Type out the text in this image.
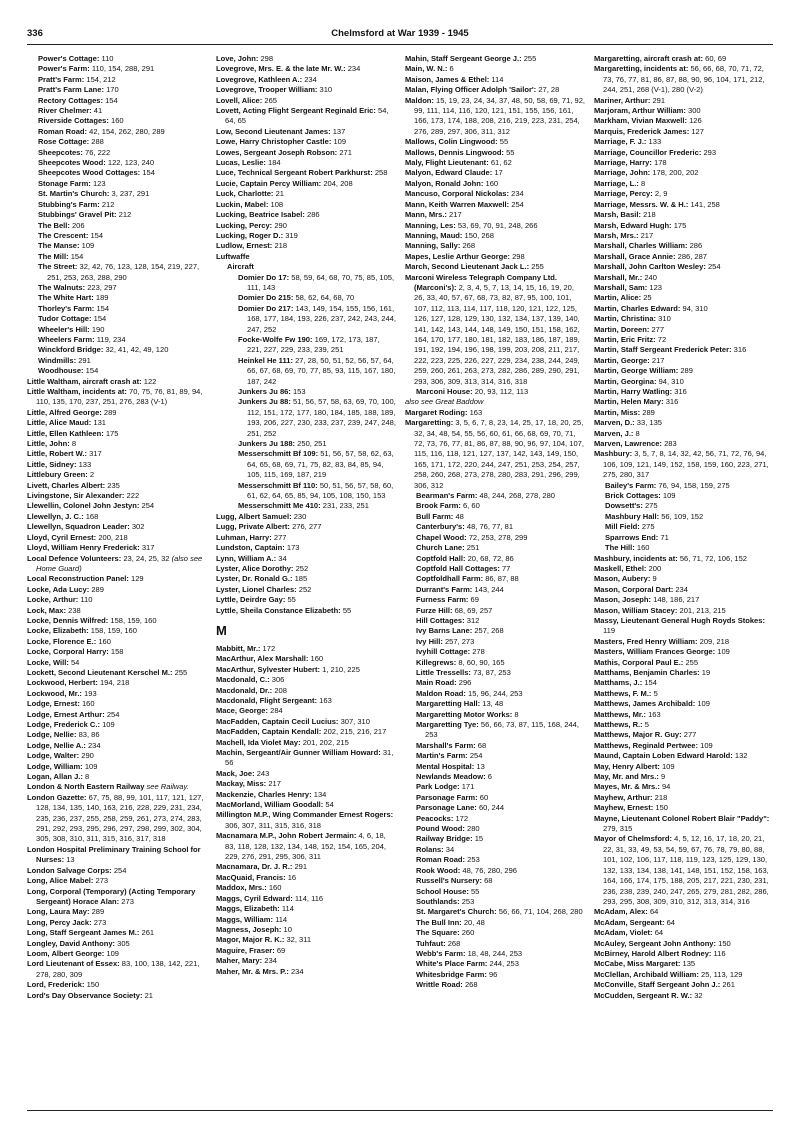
336	Chelmsford at War 1939 - 1945
Power's Cottage: 110
Power's Farm: 110, 154, 288, 291
Pratt's Farm: 154, 212
Pratt's Farm Lane: 170
Rectory Cottages: 154
River Chelmer: 41
Riverside Cottages: 160
Roman Road: 42, 154, 262, 280, 289
Rose Cottage: 288
Sheepcotes: 76, 222
Sheepcotes Wood: 122, 123, 240
Sheepcotes Wood Cottages: 154
Stonage Farm: 123
St. Martin's Church: 3, 237, 291
Stubbing's Farm: 212
Stubbings' Gravel Pit: 212
The Bell: 206
The Crescent: 154
The Manse: 109
The Mill: 154
The Street: 32, 42, 76, 123, 128, 154, 219, 227, 251, 253, 263, 288, 290
The Walnuts: 223, 297
The White Hart: 189
Thorley's Farm: 154
Tudor Cottage: 154
Wheeler's Hill: 190
Wheelers Farm: 119, 234
Winckford Bridge: 32, 41, 42, 49, 120
Windmills: 291
Woodhouse: 154
Little Waltham, aircraft crash at: 122
Little Waltham, incidents at: 70, 75, 76, 81, 89, 94, 110, 135, 170, 237, 251, 276, 283 (V-1)
Little, Alfred George: 289
Little, Alice Maud: 131
Little, Ellen Kathleen: 175
Little, John: 8
Little, Robert W.: 317
Little, Sidney: 133
Littlebury Green: 2
Livett, Charles Albert: 235
Livingstone, Sir Alexander: 222
Llewellin, Colonel John Jestyn: 254
Llewellyn, J. C.: 168
Llewellyn, Squadron Leader: 302
Lloyd, Cyril Ernest: 200, 218
Lloyd, William Henry Frederick: 317
Local Defence Volunteers: 23, 24, 25, 32 (also see Home Guard)
Local Reconstruction Panel: 129
Locke, Ada Lucy: 289
Locke, Arthur: 110
Lock, Max: 238
Locke, Dennis Wilfred: 158, 159, 160
Locke, Elizabeth: 158, 159, 160
Locke, Florence E.: 160
Locke, Corporal Harry: 158
Locke, Will: 54
Lockett, Second Lieutenant Kerschel M.: 255
Lockwood, Herbert: 194, 218
Lockwood, Mr.: 193
Lodge, Ernest: 160
Lodge, Ernest Arthur: 254
Lodge, Frederick C.: 109
Lodge, Nellie: 83, 86
Lodge, Nellie A.: 234
Lodge, Walter: 290
Lodge, William: 109
Logan, Allan J.: 8
London & North Eastern Railway see Railway.
London Gazette: 67, 75, 88, 99, 101, 117, 121, 127, 128, 134, 135, 140, 163, 216, 228, 229, 231, 234, 235, 236, 237, 255, 258, 259, 261, 273, 274, 283, 291, 292, 293, 295, 296, 297, 298, 299, 302, 304, 305, 308, 310, 311, 315, 316, 317, 318
London Hospital Preliminary Training School for Nurses: 13
London Salvage Corps: 254
Long, Alice Mabel: 273
Long, Corporal (Temporary) (Acting Temporary Sergeant) Horace Alan: 273
Long, Laura May: 289
Long, Percy Jack: 273
Long, Staff Sergeant James M.: 261
Longley, David Anthony: 305
Loom, Albert George: 109
Lord Lieutenant of Essex: 83, 100, 138, 142, 221, 278, 280, 309
Lord, Frederick: 150
Lord's Day Observance Society: 21
Love, John: 298
Lovegrove, Mrs. E. & the late Mr. W.: 234
Lovegrove, Kathleen A.: 234
Lovegrove, Trooper William: 310
Lovell, Alice: 265
Lovett, Acting Flight Sergeant Reginald Eric: 54, 64, 65
Low, Second Lieutenant James: 137
Lowe, Harry Christopher Castle: 109
Lowes, Sergeant Joseph Robson: 271
Lucas, Leslie: 184
Luce, Technical Sergeant Robert Parkhurst: 258
Lucie, Captain Percy William: 204, 208
Luck, Charlotte: 21
Luckin, Mabel: 108
Lucking, Beatrice Isabel: 286
Lucking, Percy: 290
Lucking, Roger D.: 319
Ludlow, Ernest: 218
Luftwaffe
Aircraft
Domier Do 17: 58, 59, 64, 68, 70, 75, 85, 105, 111, 143
Domier Do 215: 58, 62, 64, 68, 70
Domier Do 217: 143, 149, 154, 155, 156, 161, 168, 177, 184, 193, 226, 237, 242, 243, 244, 247, 252
Focke-Wolfe Fw 190: 169, 172, 173, 187, 221, 227, 229, 233, 239, 251
Heinkel He 111: 27, 28, 50, 51, 52, 56, 57, 64, 66, 67, 68, 69, 70, 77, 85, 93, 115, 167, 180, 187, 242
Junkers Ju 86: 153
Junkers Ju 88: 51, 56, 57, 58, 63, 69, 70, 100, 112, 151, 172, 177, 180, 184, 185, 188, 189, 193, 206, 227, 230, 233, 237, 239, 247, 248, 251, 252
Junkers Ju 188: 250, 251
Messerschmitt Bf 109: 51, 56, 57, 58, 62, 63, 64, 65, 68, 69, 71, 75, 82, 83, 84, 85, 94, 105, 115, 169, 187, 219
Messerschmitt Bf 110: 50, 51, 56, 57, 58, 60, 61, 62, 64, 65, 85, 94, 105, 108, 150, 153
Messerschmitt Me 410: 231, 233, 251
Lugg, Albert Samuel: 230
Lugg, Private Albert: 276, 277
Luhman, Harry: 277
Lundston, Captain: 173
Lynn, William A.: 34
Lyster, Alice Dorothy: 252
Lyster, Dr. Ronald G.: 185
Lyster, Lionel Charles: 252
Lyttle, Deirdre Gay: 55
Lyttle, Sheila Constance Elizabeth: 55
M
Mabbitt, Mr.: 172
MacArthur, Alex Marshall: 160
MacArthur, Sylvester Hubert: 1, 210, 225
Macdonald, C.: 306
Macdonald, Dr.: 208
Macdonald, Flight Sergeant: 163
Mace, George: 284
MacFadden, Captain Cecil Lucius: 307, 310
MacFadden, Captain Kendall: 202, 215, 216, 217
Machell, Ida Violet May: 201, 202, 215
Machin, Sergeant/Air Gunner William Howard: 31, 56
Mack, Joe: 243
Mackay, Miss: 217
Mackenzie, Charles Henry: 134
MacMorland, William Goodall: 54
Millington M.P., Wing Commander Ernest Rogers: 306, 307, 311, 315, 316, 318
Macnamara M.P., John Robert Jermain: 4, 6, 18, 83, 118, 128, 132, 134, 148, 152, 154, 165, 204, 229, 276, 291, 295, 306, 311
Macnamara, Dr. J. R.: 291
MacQuaid, Francis: 16
Maddox, Mrs.: 160
Maggs, Cyril Edward: 114, 116
Maggs, Elizabeth: 114
Maggs, William: 114
Magness, Joseph: 10
Magor, Major R. K.: 32, 311
Maguire, Fraser: 69
Maher, Mary: 234
Maher, Mr. & Mrs. P.: 234
Mahin, Staff Sergeant George J.: 255
Main, W. N.: 6
Maison, James & Ethel: 114
Malan, Flying Officer Adolph 'Sailor': 27, 28
Maldon: 15, 19, 23, 24, 34, 37, 48, 50, 58, 69, 71, 92, 99, 111, 114, 116, 120, 121, 151, 155, 156, 161, 166, 173, 174, 188, 208, 216, 219, 223, 231, 254, 276, 289, 297, 306, 311, 312
Mallows, Colin Lingwood: 55
Mallows, Dennis Lingwood: 55
Maly, Flight Lieutenant: 61, 62
Malyon, Edward Claude: 17
Malyon, Ronald John: 160
Mancuso, Corporal Nickolas: 234
Mann, Keith Warren Maxwell: 254
Mann, Mrs.: 217
Manning, Les: 53, 69, 70, 91, 248, 266
Manning, Maud: 150, 268
Manning, Sally: 268
Mapes, Leslie Arthur George: 298
March, Second Lieutenant Jack L.: 255
Marconi Wireless Telegraph Company Ltd. (Marconi's): 2, 3, 4, 5, 7, 13, 14, 15, 16, 19, 20, 26, 33, 40, 57, 67, 68, 73, 82, 87, 95, 100, 101, 107, 112, 113, 114, 117, 118, 120, 121, 122, 125, 126, 127, 128, 129, 130, 132, 134, 137, 139, 140, 141, 142, 143, 144, 148, 149, 150, 151, 158, 162, 164, 170, 177, 180, 181, 182, 183, 186, 187, 189, 191, 192, 194, 196, 198, 199, 203, 208, 211, 217, 222, 223, 225, 226, 227, 229, 234, 238, 244, 249, 259, 260, 261, 263, 273, 282, 286, 289, 290, 291, 293, 306, 309, 313, 314, 316, 318
Marconi House: 20, 93, 112, 113
also see Great Baddow
Margaret Roding: 163
Margaretting: 3, 5, 6, 7, 8, 23, 14, 25, 17, 18, 20, 25, 32, 34, 48, 54, 55, 56, 60, 61, 66, 68, 69, 70, 71, 72, 73, 76, 77, 81, 86, 87, 88, 90, 96, 97, 104, 107, 115, 116, 118, 121, 127, 137, 142, 143, 149, 150, 165, 171, 172, 220, 244, 247, 251, 253, 254, 257, 258, 260, 268, 273, 278, 280, 283, 291, 296, 299, 306, 312
Bearman's Farm: 48, 244, 268, 278, 280
Brook Farm: 6, 60
Bull Farm: 48
Canterbury's: 48, 76, 77, 81
Chapel Wood: 72, 253, 278, 299
Church Lane: 251
Coptfold Hall: 20, 68, 72, 86
Coptfold Hall Cottages: 77
Coptfoldhall Farm: 86, 87, 88
Durrant's Farm: 143, 244
Furness Farm: 69
Furze Hill: 68, 69, 257
Hill Cottages: 312
Ivy Barns Lane: 257, 268
Ivy Hill: 257, 273
Ivyhill Cottage: 278
Killegrews: 8, 60, 90, 165
Little Tressells: 73, 87, 253
Main Road: 296
Maldon Road: 15, 96, 244, 253
Margaretting Hall: 13, 48
Margaretting Motor Works: 8
Margaretting Tye: 56, 66, 73, 87, 115, 168, 244, 253
Marshall's Farm: 68
Martin's Farm: 254
Mental Hospital: 13
Newlands Meadow: 6
Park Lodge: 171
Parsonage Farm: 60
Parsonage Lane: 60, 244
Peacocks: 172
Pound Wood: 280
Railway Bridge: 15
Rolans: 34
Roman Road: 253
Rook Wood: 48, 76, 280, 296
Russell's Nursery: 68
School House: 55
Southlands: 253
St. Margaret's Church: 56, 66, 71, 104, 268, 280
The Bull Inn: 20, 48
The Square: 260
Tuhfaut: 268
Webb's Farm: 18, 48, 244, 253
White's Place Farm: 244, 253
Whitesbridge Farm: 96
Writtle Road: 268
Margaretting, aircraft crash at: 60, 69
Margaretting, incidents at: 56, 66, 68, 70, 71, 72, 73, 76, 77, 81, 86, 87, 88, 90, 96, 104, 171, 212, 244, 251, 268 (V-1), 280 (V-2)
Mariner, Arthur: 291
Marjoram, Arthur William: 300
Markham, Vivian Maxwell: 126
Marquis, Frederick James: 127
Marriage, F. J.: 133
Marriage, Councillor Frederic: 293
Marriage, Harry: 178
Marriage, John: 178, 200, 202
Marriage, L.: 8
Marriage, Percy: 2, 9
Marriage, Messrs. W. & H.: 141, 258
Marsh, Basil: 218
Marsh, Edward Hugh: 175
Marsh, Mrs.: 217
Marshall, Charles William: 286
Marshall, Grace Annie: 286, 287
Marshall, John Carlton Wesley: 254
Marshall, Mr.: 240
Marshall, Sam: 123
Martin, Alice: 25
Martin, Charles Edward: 94, 310
Martin, Christina: 310
Martin, Doreen: 277
Martin, Eric Fritz: 72
Martin, Staff Sergeant Frederick Peter: 316
Martin, George: 217
Martin, George William: 289
Martin, Georgina: 94, 310
Martin, Harry Watling: 316
Martin, Helen Mary: 316
Martin, Miss: 289
Marven, D.: 33, 135
Marven, J.: 8
Marven, Lawrence: 283
Mashbury: 3, 5, 7, 8, 14, 32, 42, 56, 71, 72, 76, 94, 106, 109, 121, 149, 152, 158, 159, 160, 223, 271, 275, 280, 317
Bailey's Farm: 76, 94, 158, 159, 275
Brick Cottages: 109
Dowsett's: 275
Mashbury Hall: 56, 109, 152
Mill Field: 275
Sparrows End: 71
The Hill: 160
Mashbury, incidents at: 56, 71, 72, 106, 152
Maskell, Ethel: 200
Mason, Aubery: 9
Mason, Corporal Dart: 234
Mason, Joseph: 148, 186, 217
Mason, William Stacey: 201, 213, 215
Massy, Lieutenant General Hugh Royds Stokes: 119
Masters, Fred Henry William: 209, 218
Masters, William Frances George: 109
Mathis, Corporal Paul E.: 255
Matthams, Benjamin Charles: 19
Matthams, J.: 154
Matthews, F. M.: 5
Matthews, James Archibald: 109
Matthews, Mr.: 163
Matthews, R.: 5
Matthews, Major R. Guy: 277
Matthews, Reginald Pertwee: 109
Maund, Captain Loben Edward Harold: 132
May, Henry Albert: 109
May, Mr. and Mrs.: 9
Mayes, Mr. & Mrs.: 94
Mayhew, Arthur: 218
Mayhew, Ernest: 150
Mayne, Lieutenant Colonel Robert Blair "Paddy": 279, 315
Mayor of Chelmsford: 4, 5, 12, 16, 17, 18, 20, 21, 22, 31, 33, 49, 53, 54, 59, 67, 76, 78, 79, 80, 88, 101, 102, 106, 117, 118, 119, 123, 125, 129, 130, 132, 133, 134, 138, 141, 148, 151, 152, 158, 163, 164, 166, 174, 175, 188, 205, 217, 221, 230, 231, 236, 238, 239, 240, 247, 265, 279, 281, 282, 286, 293, 295, 308, 309, 310, 312, 313, 314, 316
McAdam, Alex: 64
McAdam, Sergeant: 64
McAdam, Violet: 64
McAuley, Sergeant John Anthony: 150
McBirney, Harold Albert Rodney: 116
McCabe, Miss Margaret: 135
McClellan, Archibald William: 25, 113, 129
McConville, Staff Sergeant John J.: 261
McCudden, Sergeant R. W.: 32
